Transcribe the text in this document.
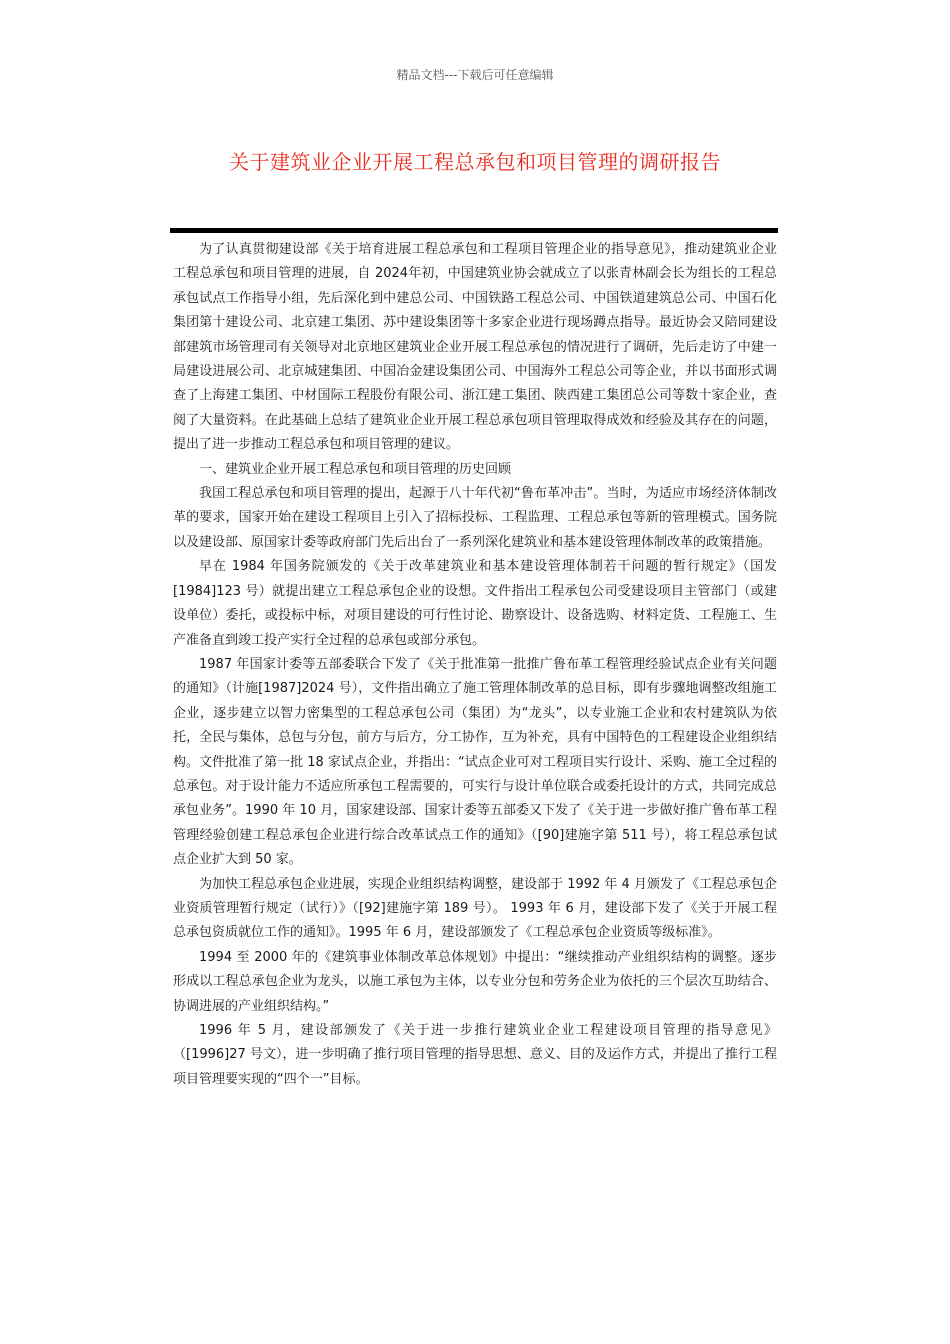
精品文档---下载后可任意编辑
关于建筑业企业开展工程总承包和项目管理的调研报告

为了认真贯彻建设部《关于培育进展工程总承包和工程项目管理企业的指导意见》，推动建筑业企业工程总承包和项目管理的进展，自 2024年初，中国建筑业协会就成立了以张青林副会长为组长的工程总承包试点工作指导小组，先后深化到中建总公司、中国铁路工程总公司、中国铁道建筑总公司、中国石化集团第十建设公司、北京建工集团、苏中建设集团等十多家企业进行现场蹲点指导。最近协会又陪同建设部建筑市场管理司有关领导对北京地区建筑业企业开展工程总承包的情况进行了调研，先后走访了中建一局建设进展公司、北京城建集团、中国冶金建设集团公司、中国海外工程总公司等企业，并以书面形式调查了上海建工集团、中材国际工程股份有限公司、浙江建工集团、陕西建工集团总公司等数十家企业，查阅了大量资料。在此基础上总结了建筑业企业开展工程总承包项目管理取得成效和经验及其存在的问题，提出了进一步推动工程总承包和项目管理的建议。

一、建筑业企业开展工程总承包和项目管理的历史回顾

我国工程总承包和项目管理的提出，起源于八十年代初“鲁布革冲击”。当时，为适应市场经济体制改革的要求，国家开始在建设工程项目上引入了招标投标、工程监理、工程总承包等新的管理模式。国务院以及建设部、原国家计委等政府部门先后出台了一系列深化建筑业和基本建设管理体制改革的政策措施。

早在 1984 年国务院颁发的《关于改革建筑业和基本建设管理体制若干问题的暂行规定》（国发[1984]123 号）就提出建立工程总承包企业的设想。文件指出工程承包公司受建设项目主管部门（或建设单位）委托，或投标中标，对项目建设的可行性讨论、勘察设计、设备选购、材料定货、工程施工、生产准备直到竣工投产实行全过程的总承包或部分承包。

1987 年国家计委等五部委联合下发了《关于批准第一批推广鲁布革工程管理经验试点企业有关问题的通知》（计施[1987]2024 号），文件指出确立了施工管理体制改革的总目标，即有步骤地调整改组施工企业，逐步建立以智力密集型的工程总承包公司（集团）为“龙头”，以专业施工企业和农村建筑队为依托，全民与集体，总包与分包，前方与后方，分工协作，互为补充，具有中国特色的工程建设企业组织结构。文件批准了第一批 18 家试点企业，并指出：“试点企业可对工程项目实行设计、采购、施工全过程的总承包。对于设计能力不适应所承包工程需要的，可实行与设计单位联合或委托设计的方式，共同完成总承包业务”。1990 年 10 月，国家建设部、国家计委等五部委又下发了《关于进一步做好推广鲁布革工程管理经验创建工程总承包企业进行综合改革试点工作的通知》（[90]建施字第 511 号），将工程总承包试点企业扩大到 50 家。

为加快工程总承包企业进展，实现企业组织结构调整，建设部于 1992 年 4 月颁发了《工程总承包企业资质管理暂行规定（试行）》（[92]建施字第 189 号）。 1993 年 6 月，建设部下发了《关于开展工程总承包资质就位工作的通知》。1995 年 6 月，建设部颁发了《工程总承包企业资质等级标准》。

1994 至 2000 年的《建筑事业体制改革总体规划》中提出：“继续推动产业组织结构的调整。逐步形成以工程总承包企业为龙头，以施工承包为主体，以专业分包和劳务企业为依托的三个层次互助结合、协调进展的产业组织结构。”

1996 年 5 月，建设部颁发了《关于进一步推行建筑业企业工程建设项目管理的指导意见》（[1996]27 号文），进一步明确了推行项目管理的指导思想、意义、目的及运作方式，并提出了推行工程项目管理要实现的“四个一”目标。
